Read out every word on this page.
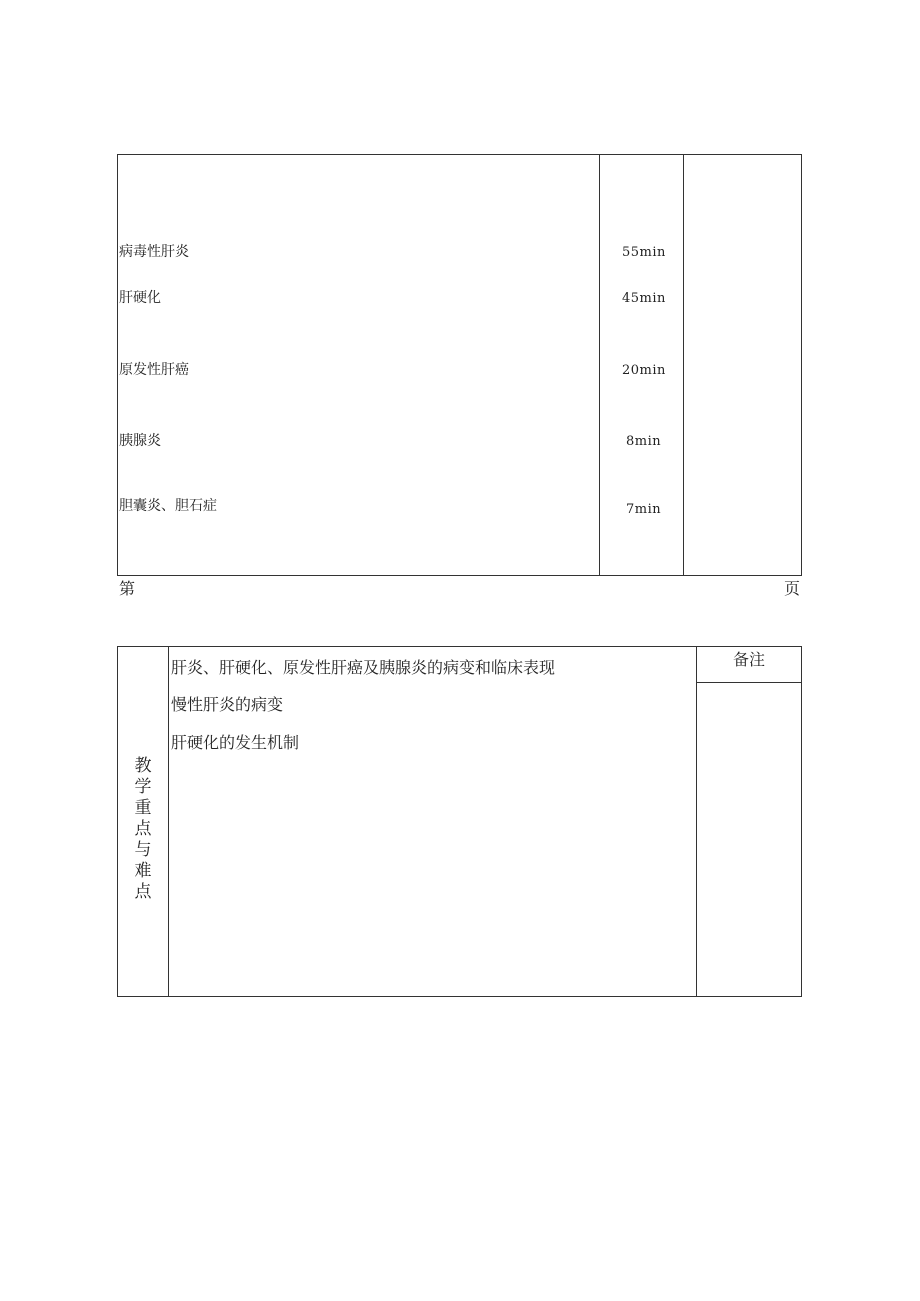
病毒性肝炎	55min
肝硬化	45min
原发性肝癌	20min
胰腺炎	8min
胆囊炎、胆石症	7min
第	页
教学重点与难点
备注
肝炎、肝硬化、原发性肝癌及胰腺炎的病变和临床表现
慢性肝炎的病变
肝硬化的发生机制
